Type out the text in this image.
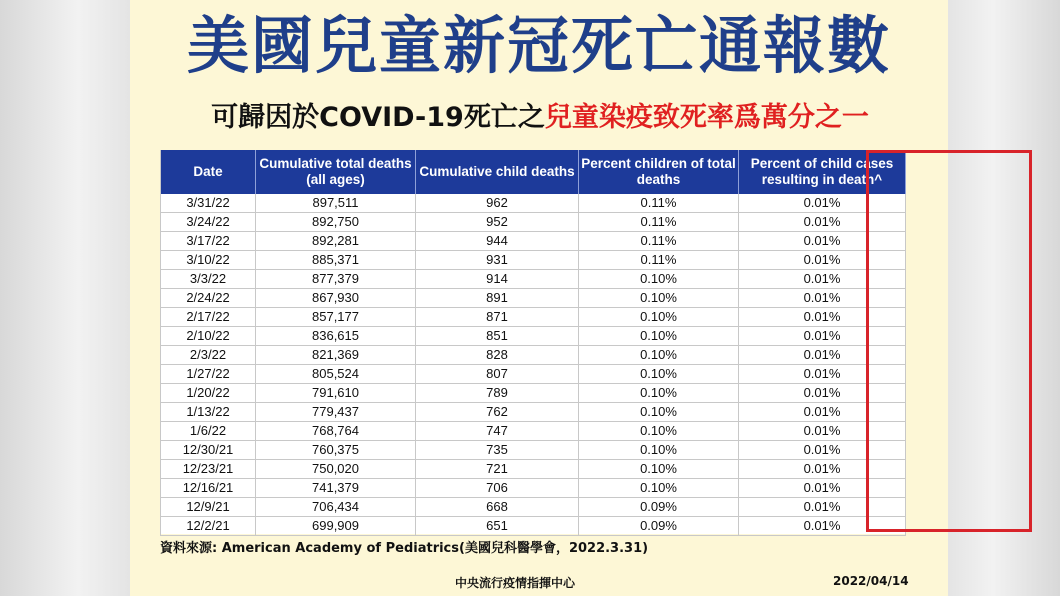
美國兒童新冠死亡通報數
可歸因於COVID-19死亡之兒童染疫致死率爲萬分之一
Date	Cumulative total deaths (all ages)	Cumulative child deaths	Percent children of total deaths	Percent of child cases resulting in death^
3/31/22	897,511	962	0.11%	0.01%
3/24/22	892,750	952	0.11%	0.01%
3/17/22	892,281	944	0.11%	0.01%
3/10/22	885,371	931	0.11%	0.01%
3/3/22	877,379	914	0.10%	0.01%
2/24/22	867,930	891	0.10%	0.01%
2/17/22	857,177	871	0.10%	0.01%
2/10/22	836,615	851	0.10%	0.01%
2/3/22	821,369	828	0.10%	0.01%
1/27/22	805,524	807	0.10%	0.01%
1/20/22	791,610	789	0.10%	0.01%
1/13/22	779,437	762	0.10%	0.01%
1/6/22	768,764	747	0.10%	0.01%
12/30/21	760,375	735	0.10%	0.01%
12/23/21	750,020	721	0.10%	0.01%
12/16/21	741,379	706	0.10%	0.01%
12/9/21	706,434	668	0.09%	0.01%
12/2/21	699,909	651	0.09%	0.01%
資料來源: American Academy of Pediatrics(美國兒科醫學會，2022.3.31)
中央流行疫情指揮中心	2022/04/14
